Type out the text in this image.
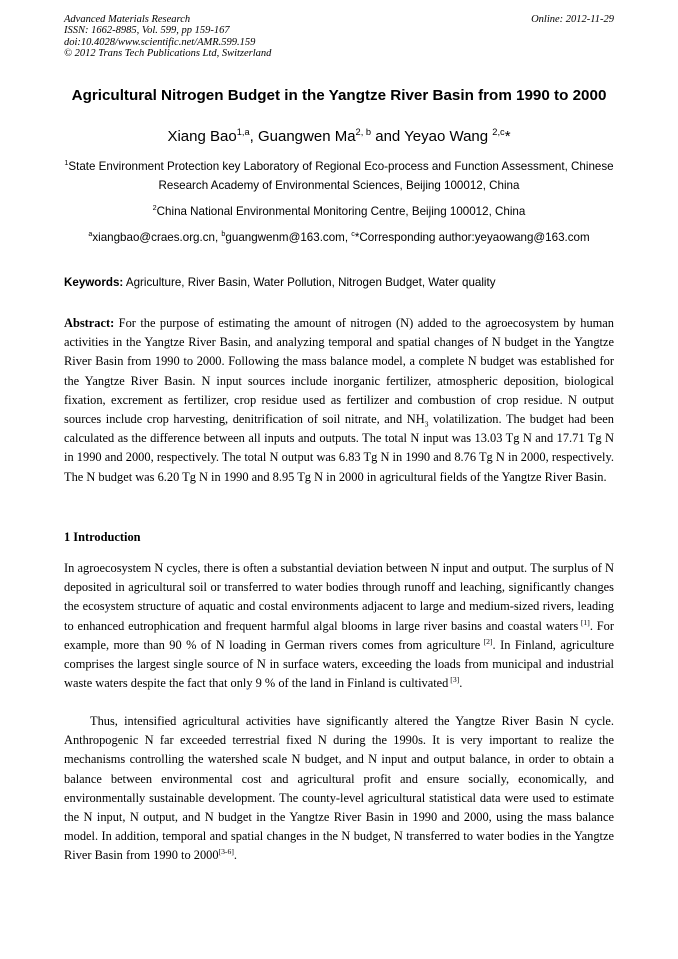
Advanced Materials Research
ISSN: 1662-8985, Vol. 599, pp 159-167
doi:10.4028/www.scientific.net/AMR.599.159
© 2012 Trans Tech Publications Ltd, Switzerland
Online: 2012-11-29
Agricultural Nitrogen Budget in the Yangtze River Basin from 1990 to 2000
Xiang Bao$^{1,a}$, Guangwen Ma$^{2, b}$ and Yeyao Wang $^{2,c}$*
$^1$State Environment Protection key Laboratory of Regional Eco-process and Function Assessment, Chinese Research Academy of Environmental Sciences, Beijing 100012, China
$^2$China National Environmental Monitoring Centre, Beijing 100012, China
$^a$xiangbao@craes.org.cn, $^b$guangwenm@163.com, $^c$*Corresponding author:yeyaowang@163.com
Keywords: Agriculture, River Basin, Water Pollution, Nitrogen Budget, Water quality
Abstract: For the purpose of estimating the amount of nitrogen (N) added to the agroecosystem by human activities in the Yangtze River Basin, and analyzing temporal and spatial changes of N budget in the Yangtze River Basin from 1990 to 2000. Following the mass balance model, a complete N budget was established for the Yangtze River Basin. N input sources include inorganic fertilizer, atmospheric deposition, biological fixation, excrement as fertilizer, crop residue used as fertilizer and combustion of crop residue. N output sources include crop harvesting, denitrification of soil nitrate, and $NH_3$ volatilization. The budget had been calculated as the difference between all inputs and outputs. The total N input was 13.03 Tg N and 17.71 Tg N in 1990 and 2000, respectively. The total N output was 6.83 Tg N in 1990 and 8.76 Tg N in 2000, respectively. The N budget was 6.20 Tg N in 1990 and 8.95 Tg N in 2000 in agricultural fields of the Yangtze River Basin.
1 Introduction
In agroecosystem N cycles, there is often a substantial deviation between N input and output. The surplus of N deposited in agricultural soil or transferred to water bodies through runoff and leaching, significantly changes the ecosystem structure of aquatic and costal environments adjacent to large and medium-sized rivers, leading to enhanced eutrophication and frequent harmful algal blooms in large river basins and coastal waters [1]. For example, more than 90 % of N loading in German rivers comes from agriculture [2]. In Finland, agriculture comprises the largest single source of N in surface waters, exceeding the loads from municipal and industrial waste waters despite the fact that only 9 % of the land in Finland is cultivated [3].
Thus, intensified agricultural activities have significantly altered the Yangtze River Basin N cycle. Anthropogenic N far exceeded terrestrial fixed N during the 1990s. It is very important to realize the mechanisms controlling the watershed scale N budget, and N input and output balance, in order to obtain a balance between environmental cost and agricultural profit and ensure socially, economically, and environmentally sustainable development. The county-level agricultural statistical data were used to estimate the N input, N output, and N budget in the Yangtze River Basin in 1990 and 2000, using the mass balance model. In addition, temporal and spatial changes in the N budget, N transferred to water bodies in the Yangtze River Basin from 1990 to 2000[3-6].
